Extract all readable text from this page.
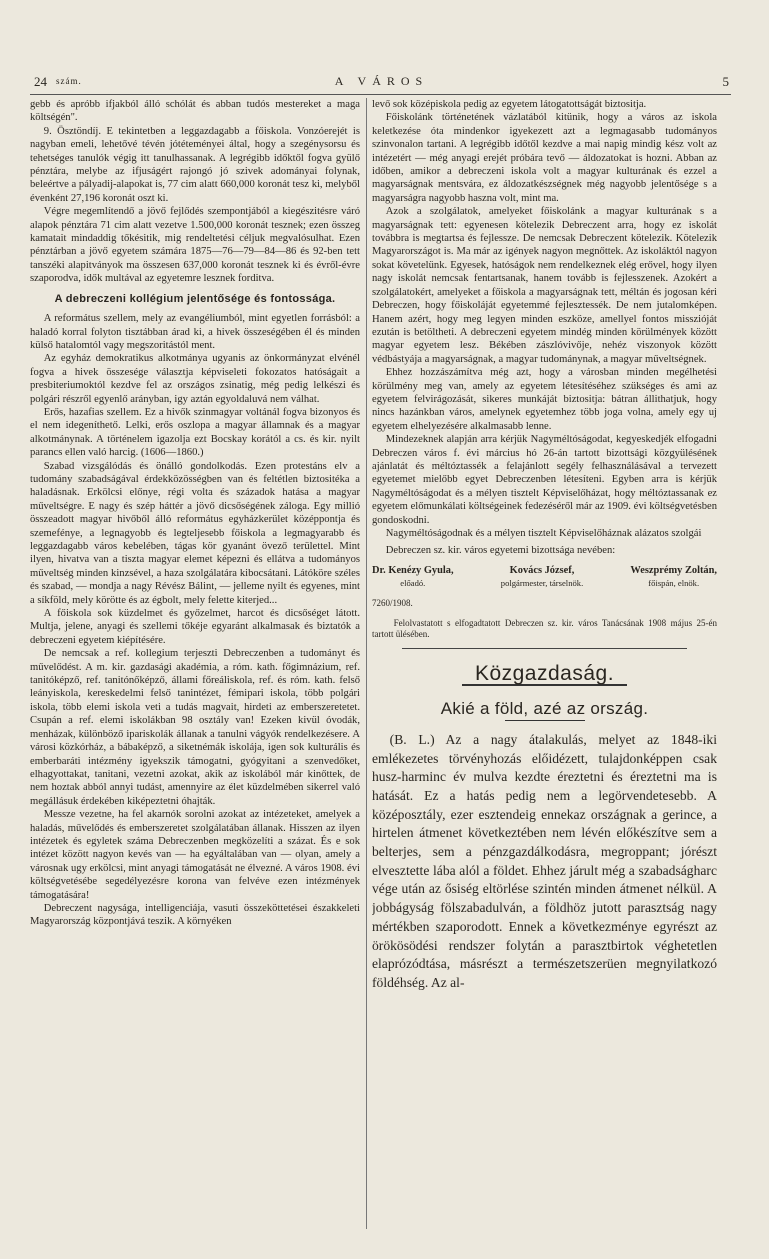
24 szám.	A VÁROS	5

gebb és apróbb ifjakból álló schólát és abban tudós mestereket a maga költségén".

9. Ösztöndíj. E tekintetben a leggazdagabb a főiskola. Vonzóerejét is nagyban emeli, lehetővé tévén jótéteményei által, hogy a szegénysorsu és tehetséges tanulók végig itt tanulhassanak. A legrégibb időktől fogva gyülő pénztára, melybe az ifjuságért rajongó jó szivek adományai folynak, beleértve a pályadij-alapokat is, 77 cim alatt 660,000 koronát tesz ki, melyből évenként 27,196 koronát oszt ki.

Végre megemlítendő a jövő fejlődés szempontjából a kiegészitésre váró alapok pénztára 71 cim alatt vezetve 1.500,000 koronát tesznek; ezen összeg kamatait mindaddig tőkésitik, mig rendeltetési céljuk megvalósulhat. Ezen pénztárban a jövő egyetem számára 1875—76—79—84—86 és 92-ben tett tanszéki alapitványok ma összesen 637,000 koronát tesznek ki és évről-évre szaporodva, idők multával az egyetemre lesznek forditva.

A debreczeni kollégium jelentősége és fontossága.

A református szellem, mely az evangéliumból, mint egyetlen forrásból: a haladó korral folyton tisztábban árad ki, a hivek összeségében él és minden külső hatalomtól vagy megszoritástól ment.

Az egyház demokratikus alkotmánya ugyanis az önkormányzat elvénél fogva a hivek összesége választja képviseleti fokozatos hatóságait a presbiteriumoktól kezdve fel az országos zsinatig, még pedig lelkészi és polgári részről egyenlő arányban, igy aztán egyoldaluvá nem válhat.

Erős, hazafias szellem. Ez a hivők szinmagyar voltánál fogva bizonyos és el nem idegeníthető. Lelki, erős oszlopa a magyar államnak és a magyar alkotmánynak. A történelem igazolja ezt Bocskay korától a cs. és kir. nyilt parancs ellen való harcig. (1606—1860.)

Szabad vizsgálódás és önálló gondolkodás. Ezen protestáns elv a tudomány szabadságával érdekközösségben van és feltétlen biztositéka a haladásnak. Erkölcsi előnye, régi volta és századok hatása a magyar műveltségre. E nagy és szép háttér a jövő dicsőségének záloga. Egy millió összeadott magyar hivőből álló református egyházkerület középpontja és szemefénye, a legnagyobb és legteljesebb főiskola a legmagyarabb és leggazdagabb város kebelében, tágas kör gyanánt övező területtel. Mint ilyen, hivatva van a tiszta magyar elemet képezni és ellátva a tudományos műveltség minden kinzsével, a haza szolgálatára kibocsátani. Látóköre széles és szabad, — mondja a nagy Révész Bálint, — jelleme nyilt és egyenes, mint a síkföld, mely körötte és az égbolt, mely felette kiterjed...

A főiskola sok küzdelmet és győzelmet, harcot és dicsőséget látott. Multja, jelene, anyagi és szellemi tőkéje egyaránt alkalmasak és biztatók a debreczeni egyetem kiépítésére.

De nemcsak a ref. kollegium terjeszti Debreczenben a tudományt és művelődést. A m. kir. gazdasági akadémia, a róm. kath. főgimnázium, ref. tanitóképző, ref. tanitónőképző, állami főreáliskola, ref. és róm. kath. felső leányiskola, kereskedelmi felső tanintézet, fémipari iskola, több polgári iskola, több elemi iskola veti a tudás magvait, hirdeti az emberszeretetet. Csupán a ref. elemi iskolákban 98 osztály van! Ezeken kivül óvodák, menházak, különböző ipariskolák állanak a tanulni vágyók rendelkezésere. A városi közkórház, a bábaképző, a siketnémák iskolája, igen sok kulturális és emberbaráti intézmény igyekszik támogatni, gyógyitani a szenvedőket, elhagyottakat, tanitani, vezetni azokat, akik az iskolából már kinőttek, de nem hoztak abból annyi tudást, amennyire az élet küzdelmében sikerrel való megállásuk érdekében kiképeztetni óhajták.

Messze vezetne, ha fel akarnók sorolni azokat az intézeteket, amelyek a haladás, művelődés és emberszeretet szolgálatában állanak. Hisszen az ilyen intézetek és egyletek száma Debreczenben megközelíti a százat. És e sok intézet között nagyon kevés van — ha egyáltalában van — olyan, amely a városnak ugy erkölcsi, mint anyagi támogatását ne élvezné. A város 1908. évi költségvetésébe segedélyezésre korona van felvéve ezen intézmények támogatására!

Debreczent nagysága, intelligenciája, vasuti összeköttetései északkeleti Magyarország központjává teszik. A környéken

levő sok középiskola pedig az egyetem látogatottságát biztositja.

Főiskolánk történetének vázlatából kitünik, hogy a város az iskola keletkezése óta mindenkor igyekezett azt a legmagasabb tudományos szinvonalon tartani. A legrégibb időtől kezdve a mai napig mindig kész volt az intézetért — még anyagi erejét próbára tevő — áldozatokat is hozni. Abban az időben, amikor a debreczeni iskola volt a magyar kulturának és ezzel a magyarságnak mentsvára, ez áldozatkészségnek még nagyobb jelentősége s a magyarságra nagyobb haszna volt, mint ma.

Azok a szolgálatok, amelyeket főiskolánk a magyar kulturának s a magyarságnak tett: egyenesen kötelezik Debreczent arra, hogy ez iskolát továbbra is megtartsa és fejlessze. De nemcsak Debreczent kötelezik. Kötelezik Magyarországot is. Ma már az igények nagyon megnőttek. Az iskoláktól nagyon sokat követelünk. Egyesek, hatóságok nem rendelkeznek elég erővel, hogy ilyen nagy iskolát nemcsak fentartsanak, hanem tovább is fejlesszenek. Azokért a szolgálatokért, amelyeket a főiskola a magyarságnak tett, méltán és jogosan kéri Debreczen, hogy főiskoláját egyetemmé fejlesztessék. De nem jutalomképen. Hanem azért, hogy meg legyen minden eszköze, amellyel fontos misszióját ezután is betöltheti. A debreczeni egyetem mindég minden körülmények között magyar egyetem lesz. Békében zászlóvivője, nehéz viszonyok között védbástyája a magyarságnak, a magyar tudománynak, a magyar műveltségnek.

Ehhez hozzászámítva még azt, hogy a városban minden megélhetési körülmény meg van, amely az egyetem létesítéséhez szükséges és ami az egyetem felvirágozását, sikeres munkáját biztositja: bátran állithatjuk, hogy nincs hazánkban város, amelynek egyetemhez több joga volna, amely egy uj egyetem elhelyezésére alkalmasabb lenne.

Mindezeknek alapján arra kérjük Nagyméltóságodat, kegyeskedjék elfogadni Debreczen város f. évi március hó 26-án tartott bizottsági közgyülésének ajánlatát és méltóztassék a felajánlott segély felhasználásával a tervezett egyetemet mielőbb egyet Debreczenben létesíteni. Egyben arra is kérjük Nagyméltóságodat és a mélyen tisztelt Képviselőházat, hogy méltóztassanak ez egyetem előmunkálati költségeinek fedezéséről már az 1909. évi költségvetésben gondoskodni.

Nagyméltóságodnak és a mélyen tisztelt Képviselőháznak alázatos szolgái

Debreczen sz. kir. város egyetemi bizottsága nevében:

Dr. Kenézy Gyula,
előadó.
Kovács József,
polgármester, társelnök.
Weszprémy Zoltán,
főispán, elnök.
7260/1908.
Felolvastatott s elfogadtatott Debreczen sz. kir. város Tanácsának 1908 május 25-én tartott ülésében.
Közgazdaság.
Akié a föld, azé az ország.

(B. L.) Az a nagy átalakulás, melyet az 1848-iki emlékezetes törvényhozás előidézett, tulajdonképpen csak husz-harminc év mulva kezdte éreztetni és éreztetni ma is hatását. Ez a hatás pedig nem a legörvendetesebb. A középosztály, ezer esztendeig ennekaz országnak a gerince, a hirtelen átmenet következtében nem lévén előkészítve sem a belterjes, sem a pénzgazdálkodásra, megroppant; jórészt elvesztette lába alól a földet. Ehhez járult még a szabadságharc vége után az ősiség eltörlése szintén minden átmenet nélkül. A jobbágyság fölszabadulván, a földhöz jutott parasztság nagy mértékben szaporodott. Ennek a következménye egyrészt az örökösödési rendszer folytán a parasztbirtok véghetetlen elaprózódtása, másrészt a természetszerüen megnyilatkozó földéhség. Az al-
